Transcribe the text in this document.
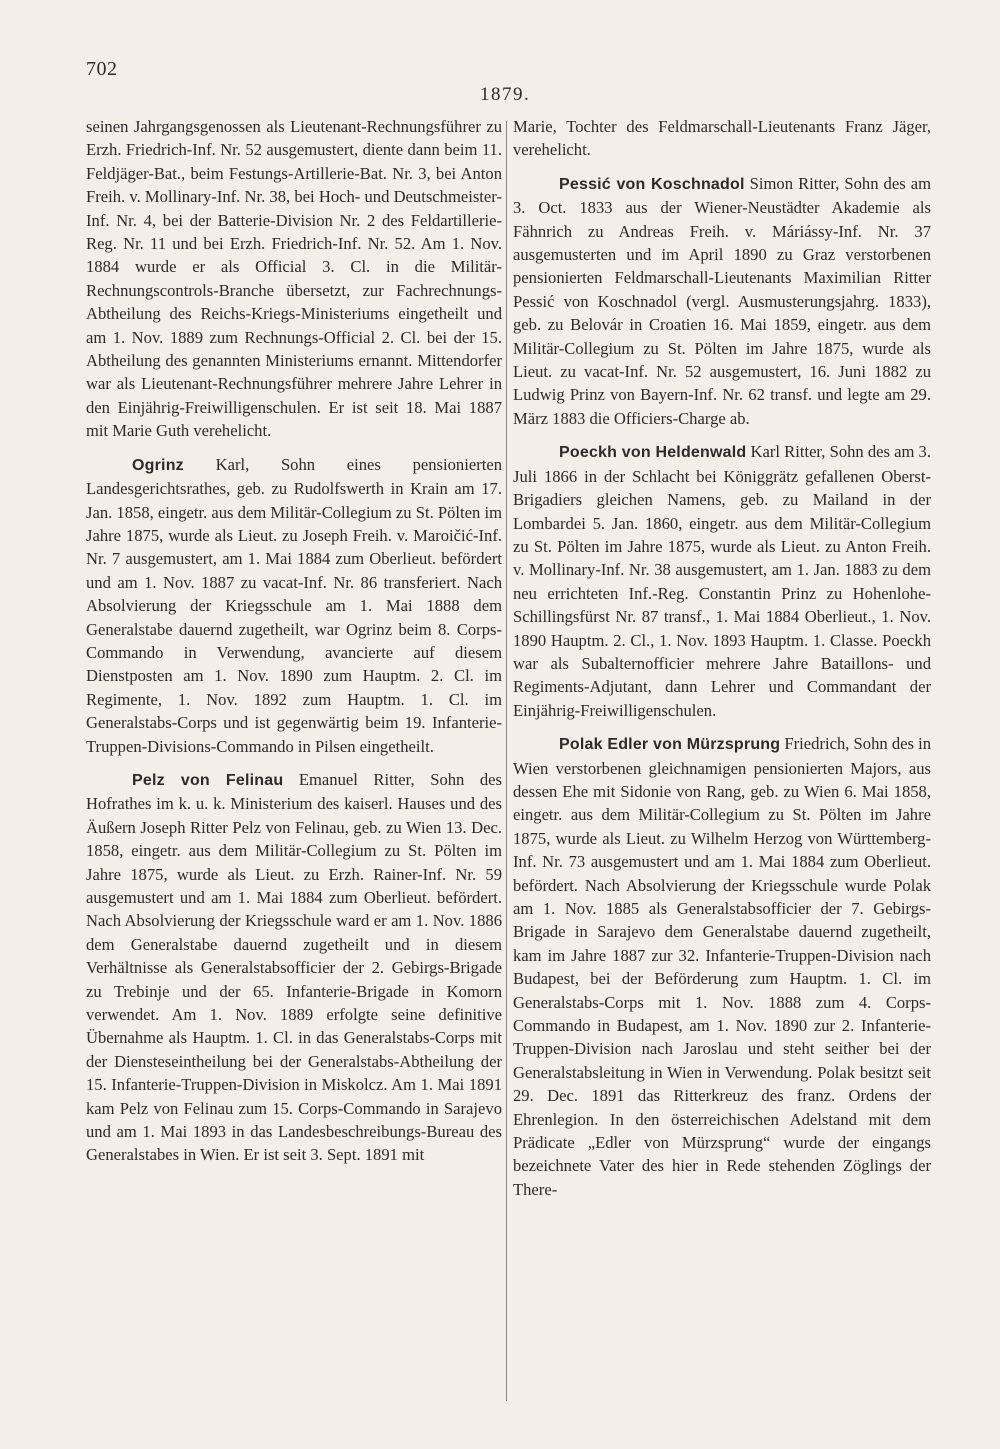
702
1879.

seinen Jahrgangsgenossen als Lieutenant-Rechnungsführer zu Erzh. Friedrich-Inf. Nr. 52 ausgemustert, diente dann beim 11. Feldjäger-Bat., beim Festungs-Artillerie-Bat. Nr. 3, bei Anton Freih. v. Mollinary-Inf. Nr. 38, bei Hoch- und Deutschmeister-Inf. Nr. 4, bei der Batterie-Division Nr. 2 des Feldartillerie-Reg. Nr. 11 und bei Erzh. Friedrich-Inf. Nr. 52. Am 1. Nov. 1884 wurde er als Official 3. Cl. in die Militär-Rechnungscontrols-Branche übersetzt, zur Fachrechnungs-Abtheilung des Reichs-Kriegs-Ministeriums eingetheilt und am 1. Nov. 1889 zum Rechnungs-Official 2. Cl. bei der 15. Abtheilung des genannten Ministeriums ernannt. Mittendorfer war als Lieutenant-Rechnungsführer mehrere Jahre Lehrer in den Einjährig-Freiwilligenschulen. Er ist seit 18. Mai 1887 mit Marie Guth verehelicht.

Ogrinz Karl, Sohn eines pensionierten Landesgerichtsrathes, geb. zu Rudolfswerth in Krain am 17. Jan. 1858, eingetr. aus dem Militär-Collegium zu St. Pölten im Jahre 1875, wurde als Lieut. zu Joseph Freih. v. Maroičić-Inf. Nr. 7 ausgemustert, am 1. Mai 1884 zum Oberlieut. befördert und am 1. Nov. 1887 zu vacat-Inf. Nr. 86 transferiert. Nach Absolvierung der Kriegsschule am 1. Mai 1888 dem Generalstabe dauernd zugetheilt, war Ogrinz beim 8. Corps-Commando in Verwendung, avancierte auf diesem Dienstposten am 1. Nov. 1890 zum Hauptm. 2. Cl. im Regimente, 1. Nov. 1892 zum Hauptm. 1. Cl. im Generalstabs-Corps und ist gegenwärtig beim 19. Infanterie-Truppen-Divisions-Commando in Pilsen eingetheilt.

Pelz von Felinau Emanuel Ritter, Sohn des Hofrathes im k. u. k. Ministerium des kaiserl. Hauses und des Äußern Joseph Ritter Pelz von Felinau, geb. zu Wien 13. Dec. 1858, eingetr. aus dem Militär-Collegium zu St. Pölten im Jahre 1875, wurde als Lieut. zu Erzh. Rainer-Inf. Nr. 59 ausgemustert und am 1. Mai 1884 zum Oberlieut. befördert. Nach Absolvierung der Kriegsschule ward er am 1. Nov. 1886 dem Generalstabe dauernd zugetheilt und in diesem Verhältnisse als Generalstabsofficier der 2. Gebirgs-Brigade zu Trebinje und der 65. Infanterie-Brigade in Komorn verwendet. Am 1. Nov. 1889 erfolgte seine definitive Übernahme als Hauptm. 1. Cl. in das Generalstabs-Corps mit der Diensteseintheilung bei der Generalstabs-Abtheilung der 15. Infanterie-Truppen-Division in Miskolcz. Am 1. Mai 1891 kam Pelz von Felinau zum 15. Corps-Commando in Sarajevo und am 1. Mai 1893 in das Landesbeschreibungs-Bureau des Generalstabes in Wien. Er ist seit 3. Sept. 1891 mit

Marie, Tochter des Feldmarschall-Lieutenants Franz Jäger, verehelicht.

Pessić von Koschnadol Simon Ritter, Sohn des am 3. Oct. 1833 aus der Wiener-Neustädter Akademie als Fähnrich zu Andreas Freih. v. Máriássy-Inf. Nr. 37 ausgemusterten und im April 1890 zu Graz verstorbenen pensionierten Feldmarschall-Lieutenants Maximilian Ritter Pessić von Koschnadol (vergl. Ausmusterungsjahrg. 1833), geb. zu Belovár in Croatien 16. Mai 1859, eingetr. aus dem Militär-Collegium zu St. Pölten im Jahre 1875, wurde als Lieut. zu vacat-Inf. Nr. 52 ausgemustert, 16. Juni 1882 zu Ludwig Prinz von Bayern-Inf. Nr. 62 transf. und legte am 29. März 1883 die Officiers-Charge ab.

Poeckh von Heldenwald Karl Ritter, Sohn des am 3. Juli 1866 in der Schlacht bei Königgrätz gefallenen Oberst-Brigadiers gleichen Namens, geb. zu Mailand in der Lombardei 5. Jan. 1860, eingetr. aus dem Militär-Collegium zu St. Pölten im Jahre 1875, wurde als Lieut. zu Anton Freih. v. Mollinary-Inf. Nr. 38 ausgemustert, am 1. Jan. 1883 zu dem neu errichteten Inf.-Reg. Constantin Prinz zu Hohenlohe-Schillingsfürst Nr. 87 transf., 1. Mai 1884 Oberlieut., 1. Nov. 1890 Hauptm. 2. Cl., 1. Nov. 1893 Hauptm. 1. Classe. Poeckh war als Subalternofficier mehrere Jahre Bataillons- und Regiments-Adjutant, dann Lehrer und Commandant der Einjährig-Freiwilligenschulen.

Polak Edler von Mürzsprung Friedrich, Sohn des in Wien verstorbenen gleichnamigen pensionierten Majors, aus dessen Ehe mit Sidonie von Rang, geb. zu Wien 6. Mai 1858, eingetr. aus dem Militär-Collegium zu St. Pölten im Jahre 1875, wurde als Lieut. zu Wilhelm Herzog von Württemberg-Inf. Nr. 73 ausgemustert und am 1. Mai 1884 zum Oberlieut. befördert. Nach Absolvierung der Kriegsschule wurde Polak am 1. Nov. 1885 als Generalstabsofficier der 7. Gebirgs-Brigade in Sarajevo dem Generalstabe dauernd zugetheilt, kam im Jahre 1887 zur 32. Infanterie-Truppen-Division nach Budapest, bei der Beförderung zum Hauptm. 1. Cl. im Generalstabs-Corps mit 1. Nov. 1888 zum 4. Corps-Commando in Budapest, am 1. Nov. 1890 zur 2. Infanterie-Truppen-Division nach Jaroslau und steht seither bei der Generalstabsleitung in Wien in Verwendung. Polak besitzt seit 29. Dec. 1891 das Ritterkreuz des franz. Ordens der Ehrenlegion. In den österreichischen Adelstand mit dem Prädicate „Edler von Mürzsprung“ wurde der eingangs bezeichnete Vater des hier in Rede stehenden Zöglings der There-
